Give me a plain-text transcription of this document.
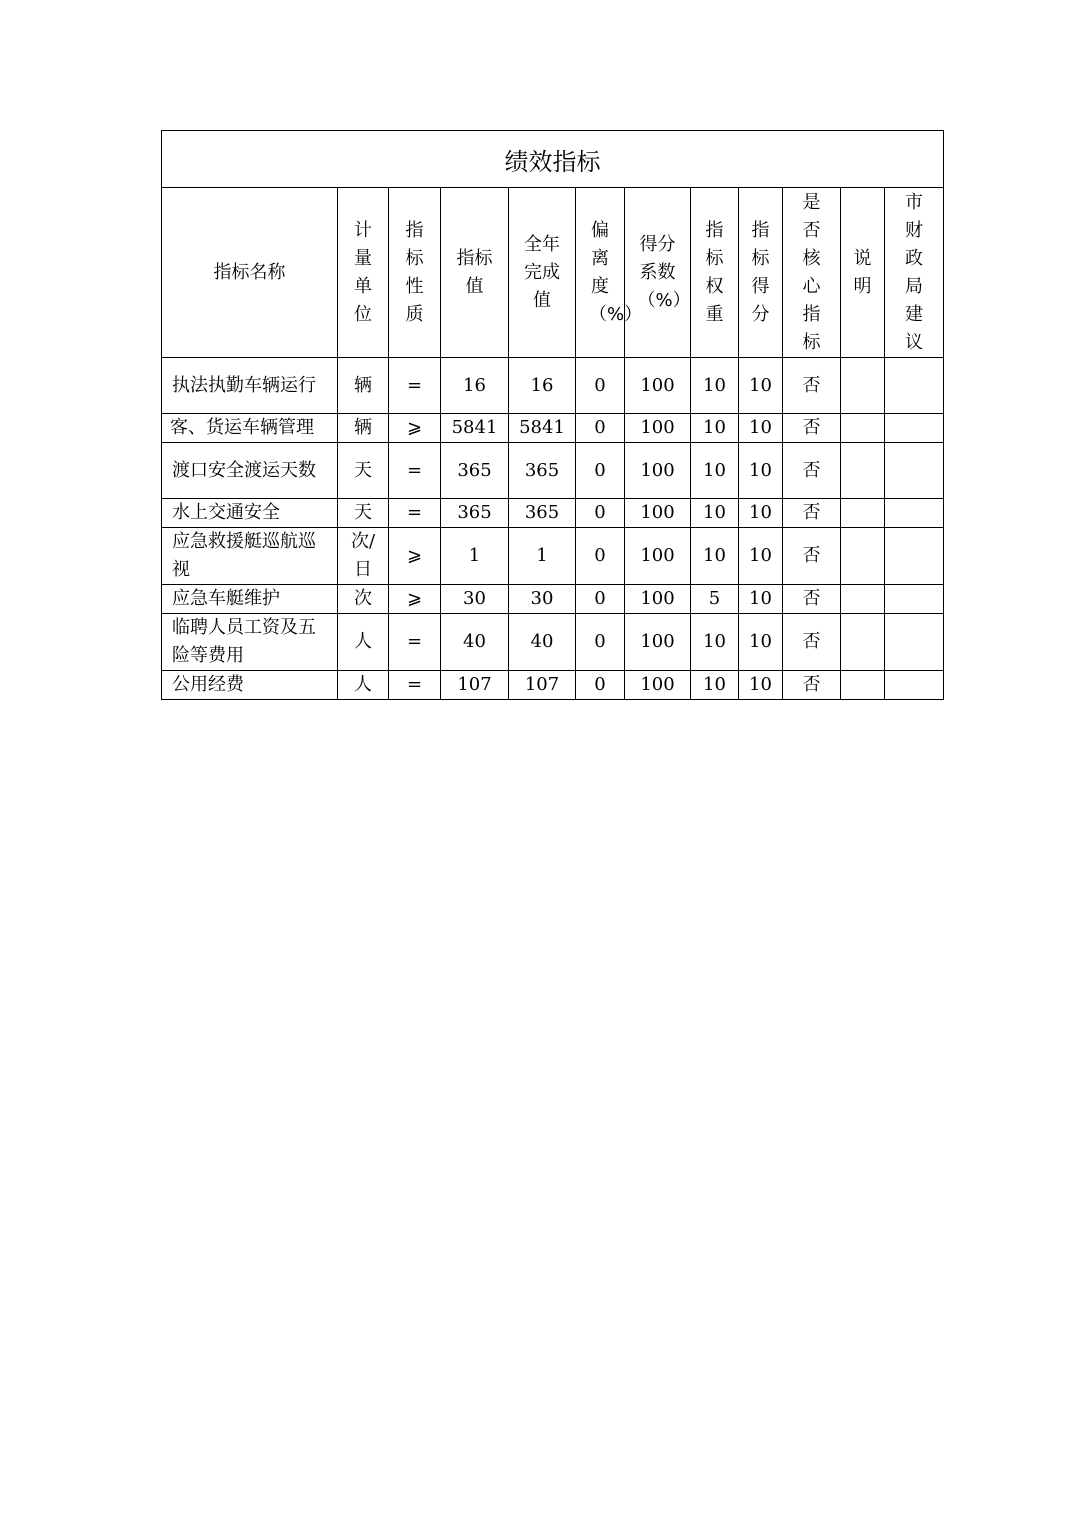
绩效指标											
指标名称	计量单位	指标性质	指标值	全年完成值	偏离度（%）	得分系数（%）	指标权重	指标得分	是否核心指标	说明	市财政局建议

执法执勤车辆运行	辆	=	16	16	0	100	10	10	否		
客、货运车辆管理	辆	⩾	5841	5841	0	100	10	10	否		
渡口安全渡运天数	天	=	365	365	0	100	10	10	否		
水上交通安全	天	=	365	365	0	100	10	10	否		
应急救援艇巡航巡视	次/日	⩾	1	1	0	100	10	10	否		
应急车艇维护	次	⩾	30	30	0	100	5	10	否		
临聘人员工资及五险等费用	人	=	40	40	0	100	10	10	否		
公用经费	人	=	107	107	0	100	10	10	否		
